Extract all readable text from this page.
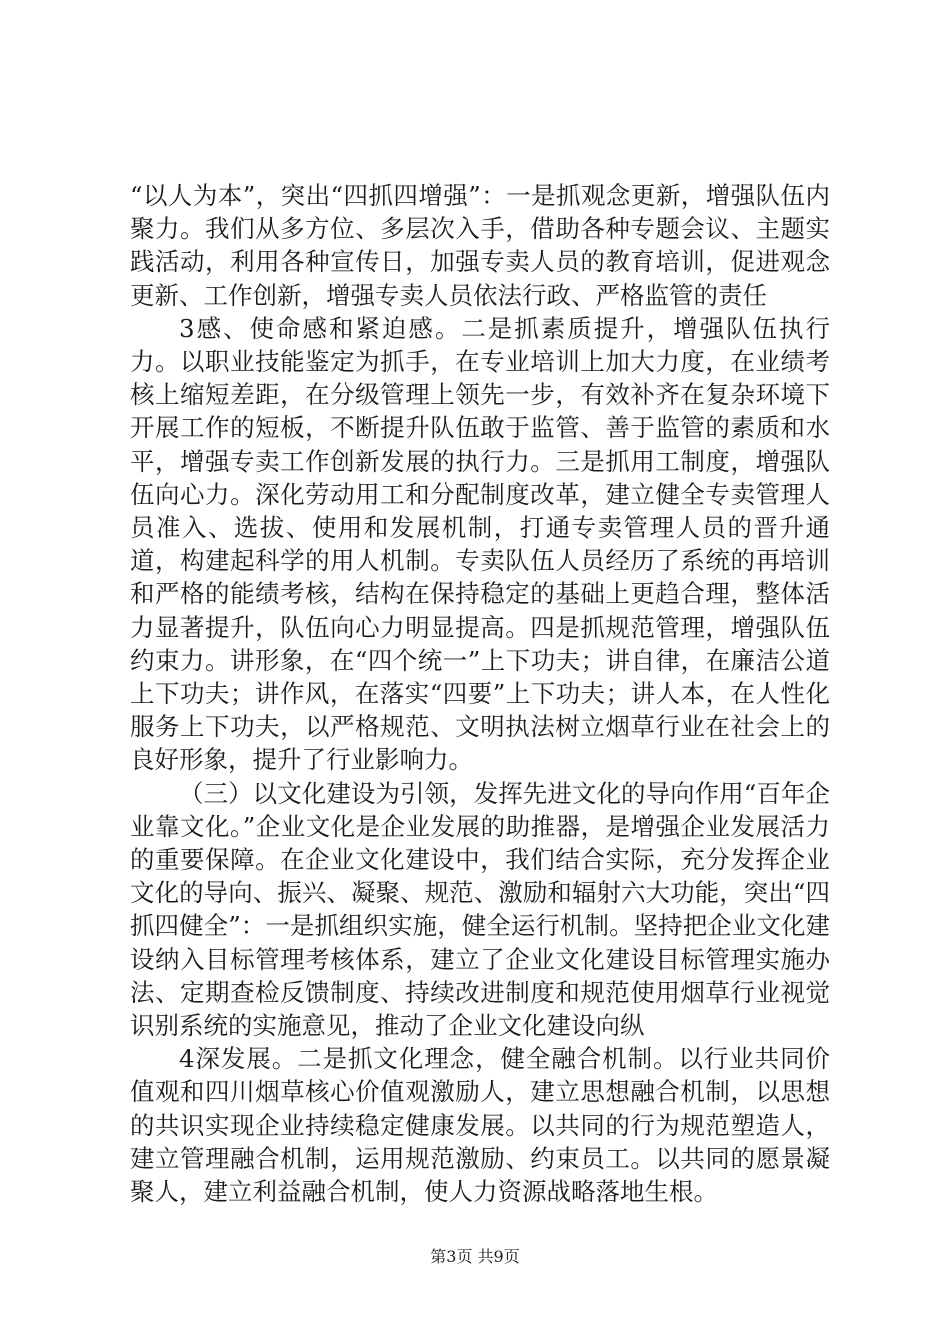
“以人为本”，突出“四抓四增强”：一是抓观念更新，增强队伍内聚力。我们从多方位、多层次入手，借助各种专题会议、主题实践活动，利用各种宣传日，加强专卖人员的教育培训，促进观念更新、工作创新，增强专卖人员依法行政、严格监管的责任

3感、使命感和紧迫感。二是抓素质提升，增强队伍执行力。以职业技能鉴定为抓手，在专业培训上加大力度，在业绩考核上缩短差距，在分级管理上领先一步，有效补齐在复杂环境下开展工作的短板，不断提升队伍敢于监管、善于监管的素质和水平，增强专卖工作创新发展的执行力。三是抓用工制度，增强队伍向心力。深化劳动用工和分配制度改革，建立健全专卖管理人员准入、选拔、使用和发展机制，打通专卖管理人员的晋升通道，构建起科学的用人机制。专卖队伍人员经历了系统的再培训和严格的能绩考核，结构在保持稳定的基础上更趋合理，整体活力显著提升，队伍向心力明显提高。四是抓规范管理，增强队伍约束力。讲形象，在“四个统一”上下功夫；讲自律，在廉洁公道上下功夫；讲作风，在落实“四要”上下功夫；讲人本，在人性化服务上下功夫，以严格规范、文明执法树立烟草行业在社会上的良好形象，提升了行业影响力。

（三）以文化建设为引领，发挥先进文化的导向作用“百年企业靠文化。”企业文化是企业发展的助推器，是增强企业发展活力的重要保障。在企业文化建设中，我们结合实际，充分发挥企业文化的导向、振兴、凝聚、规范、激励和辐射六大功能，突出“四抓四健全”：一是抓组织实施，健全运行机制。坚持把企业文化建设纳入目标管理考核体系，建立了企业文化建设目标管理实施办法、定期查检反馈制度、持续改进制度和规范使用烟草行业视觉识别系统的实施意见，推动了企业文化建设向纵

4深发展。二是抓文化理念，健全融合机制。以行业共同价值观和四川烟草核心价值观激励人，建立思想融合机制，以思想的共识实现企业持续稳定健康发展。以共同的行为规范塑造人，建立管理融合机制，运用规范激励、约束员工。以共同的愿景凝聚人，建立利益融合机制，使人力资源战略落地生根。

第3页 共9页
